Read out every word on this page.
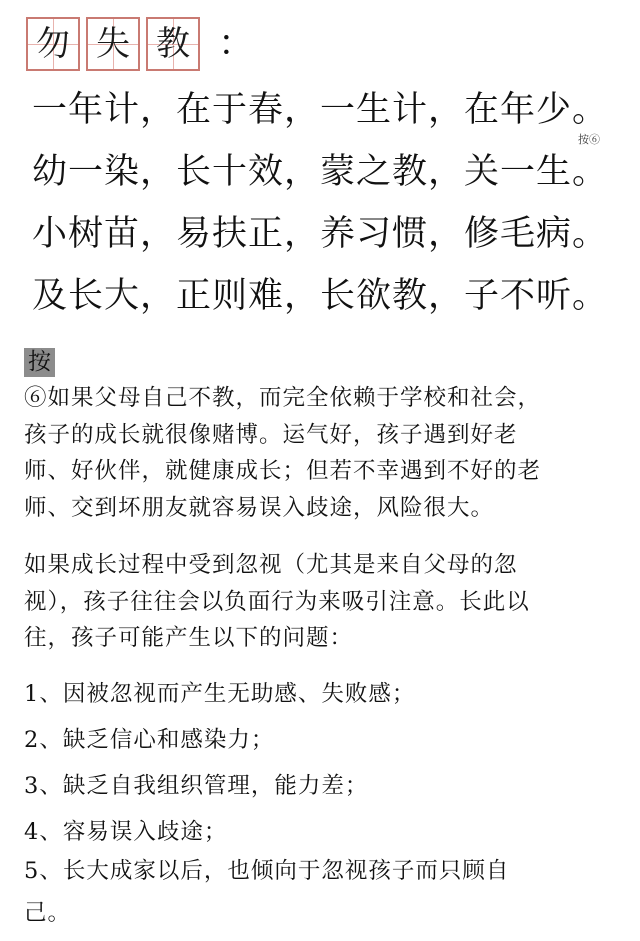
勿 失 教 ：
一年计，在于春，一生计，在年少。
幼一染，长十效，蒙之教，关一生。
小树苗，易扶正，养习惯，修毛病。
及长大，正则难，长欲教，子不听。
按⑥
按
⑥如果父母自己不教，而完全依赖于学校和社会，
孩子的成长就很像赌博。运气好，孩子遇到好老
师、好伙伴，就健康成长；但若不幸遇到不好的老
师、交到坏朋友就容易误入歧途，风险很大。
如果成长过程中受到忽视（尤其是来自父母的忽
视），孩子往往会以负面行为来吸引注意。长此以
往，孩子可能产生以下的问题：
1、因被忽视而产生无助感、失败感；
2、缺乏信心和感染力；
3、缺乏自我组织管理，能力差；
4、容易误入歧途；
5、长大成家以后，也倾向于忽视孩子而只顾自
己。
